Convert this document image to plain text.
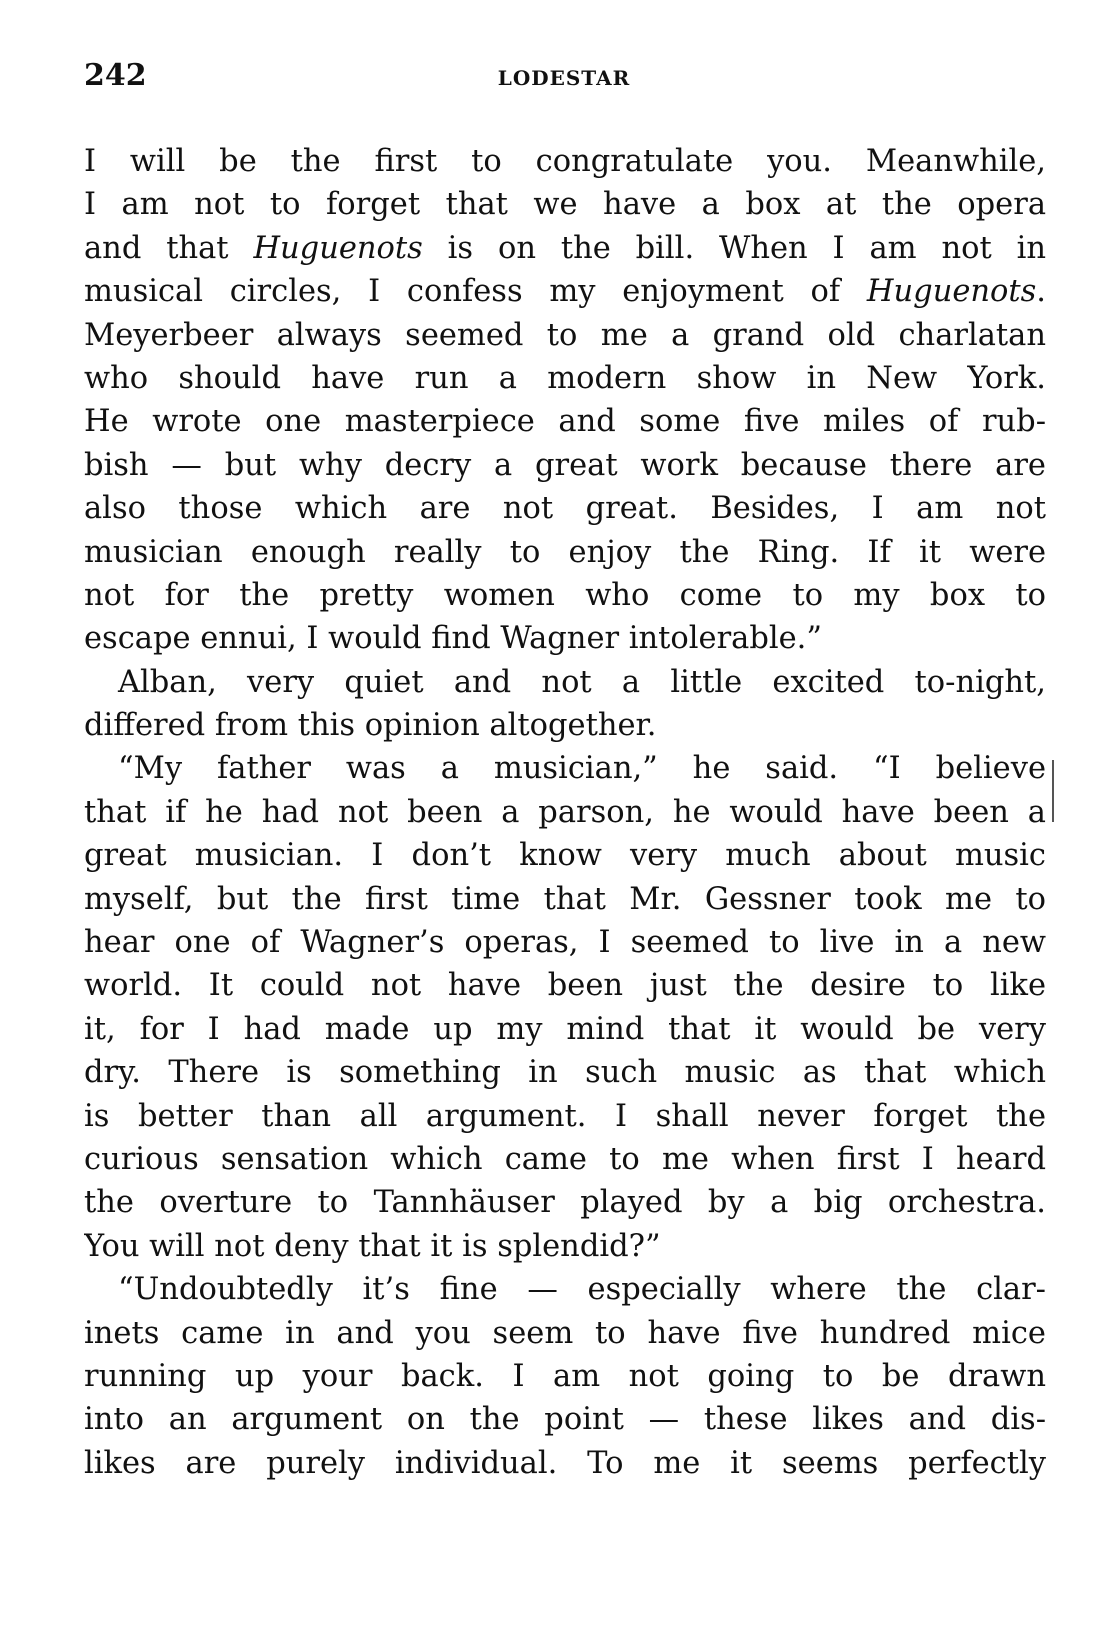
242	LODESTAR
I will be the first to congratulate you. Meanwhile,
I am not to forget that we have a box at the opera
and that Huguenots is on the bill. When I am not in
musical circles, I confess my enjoyment of Huguenots.
Meyerbeer always seemed to me a grand old charlatan
who should have run a modern show in New York.
He wrote one masterpiece and some five miles of rub-
bish — but why decry a great work because there are
also those which are not great. Besides, I am not
musician enough really to enjoy the Ring. If it were
not for the pretty women who come to my box to
escape ennui, I would find Wagner intolerable.”
Alban, very quiet and not a little excited to-night,
differed from this opinion altogether.
“My father was a musician,” he said. “I believe
that if he had not been a parson, he would have been a
great musician. I don’t know very much about music
myself, but the first time that Mr. Gessner took me to
hear one of Wagner’s operas, I seemed to live in a new
world. It could not have been just the desire to like
it, for I had made up my mind that it would be very
dry. There is something in such music as that which
is better than all argument. I shall never forget the
curious sensation which came to me when first I heard
the overture to Tannhäuser played by a big orchestra.
You will not deny that it is splendid?”
“Undoubtedly it’s fine — especially where the clar-
inets came in and you seem to have five hundred mice
running up your back. I am not going to be drawn
into an argument on the point — these likes and dis-
likes are purely individual. To me it seems perfectly
